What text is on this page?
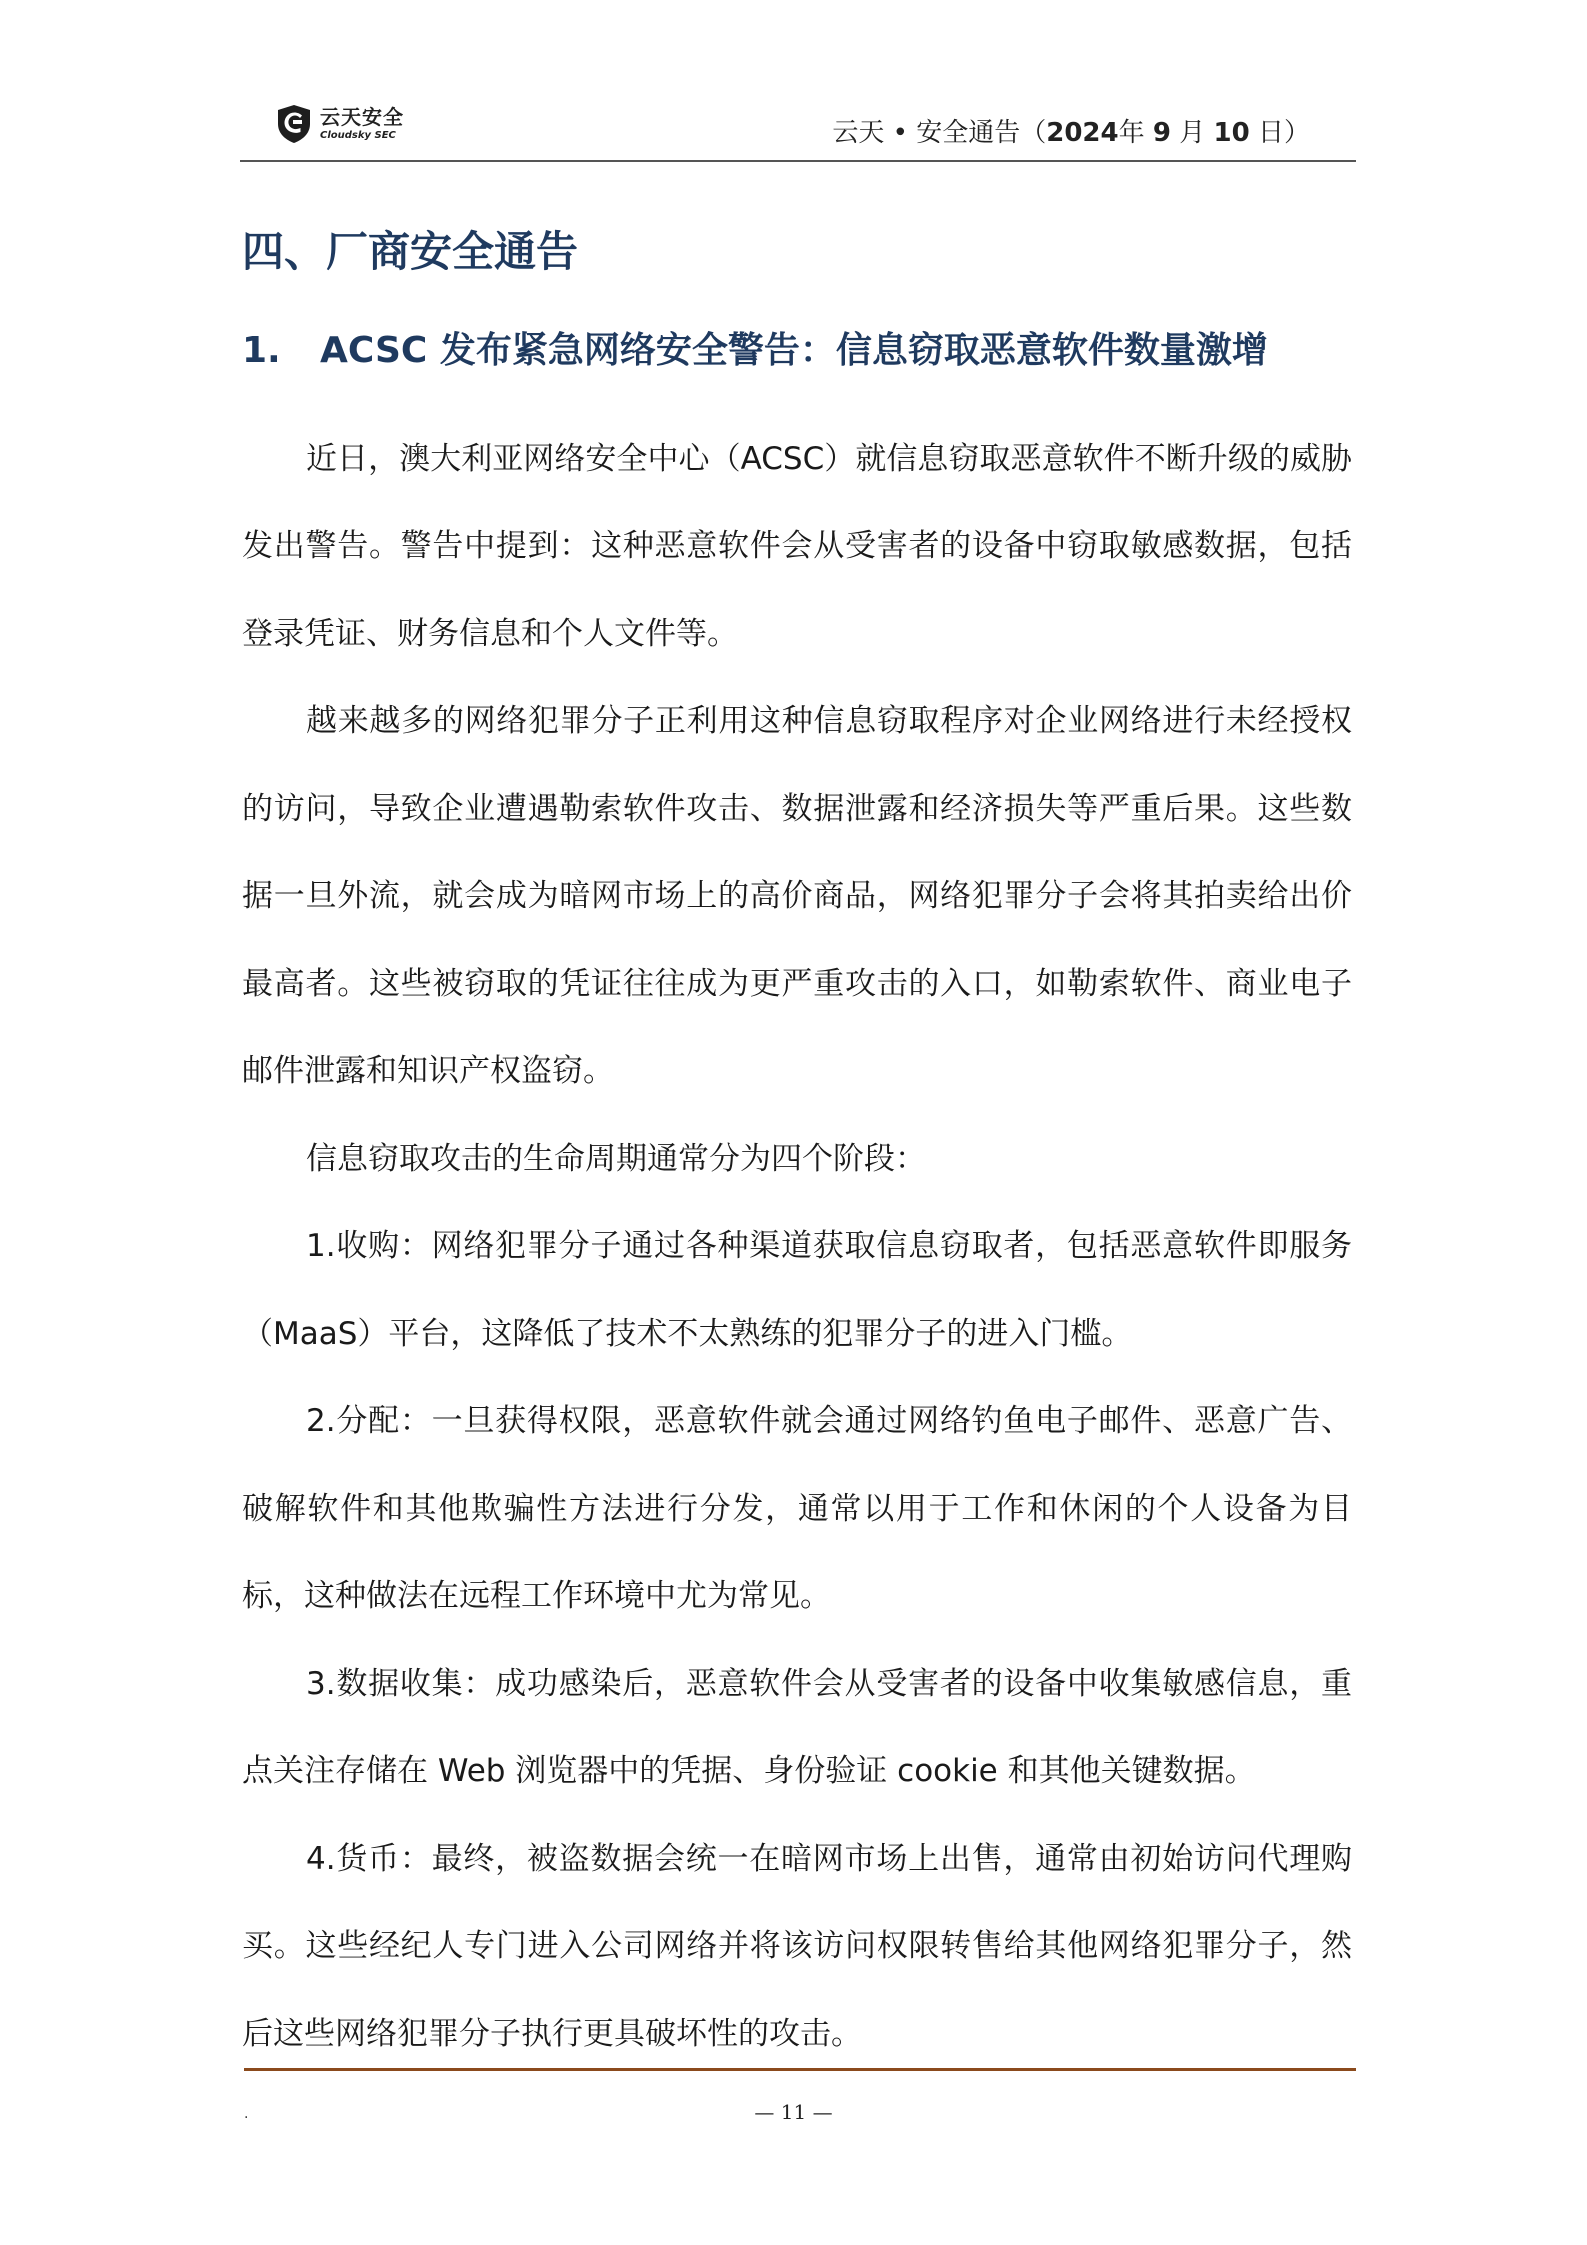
云天安全
Cloudsky SEC	云天 • 安全通告（2024年 9 月 10 日）
四、厂商安全通告
1. ACSC 发布紧急网络安全警告：信息窃取恶意软件数量激增

近日，澳大利亚网络安全中心（ACSC）就信息窃取恶意软件不断升级的威胁发出警告。警告中提到：这种恶意软件会从受害者的设备中窃取敏感数据，包括登录凭证、财务信息和个人文件等。

越来越多的网络犯罪分子正利用这种信息窃取程序对企业网络进行未经授权的访问，导致企业遭遇勒索软件攻击、数据泄露和经济损失等严重后果。这些数据一旦外流，就会成为暗网市场上的高价商品，网络犯罪分子会将其拍卖给出价最高者。这些被窃取的凭证往往成为更严重攻击的入口，如勒索软件、商业电子邮件泄露和知识产权盗窃。

信息窃取攻击的生命周期通常分为四个阶段：

1.收购：网络犯罪分子通过各种渠道获取信息窃取者，包括恶意软件即服务（MaaS）平台，这降低了技术不太熟练的犯罪分子的进入门槛。

2.分配：一旦获得权限，恶意软件就会通过网络钓鱼电子邮件、恶意广告、破解软件和其他欺骗性方法进行分发，通常以用于工作和休闲的个人设备为目标，这种做法在远程工作环境中尤为常见。

3.数据收集：成功感染后，恶意软件会从受害者的设备中收集敏感信息，重点关注存储在 Web 浏览器中的凭据、身份验证 cookie 和其他关键数据。

4.货币：最终，被盗数据会统一在暗网市场上出售，通常由初始访问代理购买。这些经纪人专门进入公司网络并将该访问权限转售给其他网络犯罪分子，然后这些网络犯罪分子执行更具破坏性的攻击。

.	— 11 —
